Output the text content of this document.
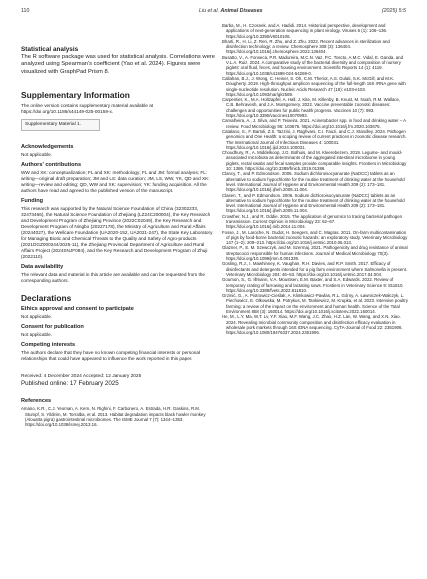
110	Liu et al. Animal Diseases	(2025) 5:5
Statistical analysis

The R software package was used for statistical analysis. Correlations were analyzed using Spearman's coefficient (Yao et al. 2024). Figures were visualized with GraphPad Prism 8.

Supplementary Information

The online version contains supplementary material available at https://doi.org/10.1186/s44149-025-00159-x.

Supplementary Material 1.
Acknowledgements

Not applicable.

Authors' contributions

WW and XK: conceptualization; FL and XK: methodology; FL and JM: formal analysis; FL: writing—original draft preparation; JM and LS: data curation; JM, LS, WW, YK, QD and XK: writing—review and editing; QD, WW and XK: supervision; YK: funding acquisition. All the authors have read and agreed to the published version of the manuscript.

Funding

This research was supported by the Natural Science Foundation of China (32302233, 32473466), the Natural Science Foundation of Zhejiang (LZ24C200004), the Key Research and Development Program of Zhejiang Province (2022C02049), the Key Research and Development Program of Ningbo (20227178), the Ministry of Agriculture and Rural Affairs (20244027), the Wellcare Foundation (UA2020-152, UA2021-247), the State Key Laboratory for Managing Biotic and Chemical Threats to the Quality and Safety of Agro-products (2021DGZ000244/2025-11), the Zhejiang Provincial Department of Agriculture and Rural Affairs Project (2024SNJF084), and the Key Research and Development Program of Zhuji (2022110).

Data availability

The relevant data and material in this article are available and can be requested from the corresponding authors.

Declarations
Ethics approval and consent to participate

Not applicable.

Consent for publication

Not applicable.

Competing interests

The authors declare that they have no known competing financial interests or personal relationships that could have appeared to influence the work reported in this paper.

Received: 4 December 2024 Accepted: 12 January 2025
Published online: 17 February 2025
References

Amano, K.R., C.J. Yeoman, A. Kern, N. Righini, F. Carbonero, A. Estrada, H.R. Gaskins, R.M. Stumpf, S. Yildirim, M. Torralba, et al. 2013. Habitat degradation impacts black howler monkey (Alouatta pigra) gastrointestinal microbiomes. The ISME Journal 7 (7): 1344–1353. https://doi.org/10.1038/ismej.2013.16.

Barba, M., H. Czosnek, and A. Hadidi. 2014. Historical perspective, development and applications of next-generation sequencing in plant virology. Viruses 6 (1): 106–136. https://doi.org/10.3390/v6010106.

Bharti, R., H. Li, Z. Ren, R. Zhu, and Z. Zhu. 2022. Recent advances in sterilization and disinfection technology: a review. Chemosphere 308 (3): 136404. https://doi.org/10.1016/j.chemosphere.2022.136404.

Busatto, V., A. Fonseca, P.R. Madureira, M.C.N. Vaz, P.C. Toscto, A.M.C. Vidal, E. Ganda, and V.L.A. Ruiz. 2024. A comparative study of the bacterial diversity and composition of nursery piglets' oral fluid, feces, and housing environment. Scientific Reports 14 (1): 4119. https://doi.org/10.1038/s41598-024-54269-0.

Callahan, B.J., J. Wong, C. Heiner, S. Oh, C.M. Theriot, A.S. Gulati, S.K. McGill, and M.K. Dougherty. 2019. High-throughput amplicon sequencing of the full-length 16S rRNA gene with single-nucleotide resolution. Nucleic Acids Research 47 (18): e103-e103. https://doi.org/10.1093/nar/gkz569.

Carpentier, K., M.A. Holtzapfel, A. Hall, J. Kite, M. Killenby, B. Knust, M. Noah, R.M. Wallace, C.B. Behravesh, and J.A. Montgomery. 2022. Vaccine preventable zoonotic diseases: challenges and opportunities for public health progress. Vaccines 10 (7): 993. https://doi.org/10.3390/vaccines10070993.

Carvalheira, A., J. Silva, and P. Teixeira. 2021. Acinetobacter spp. in food and drinking water – A review. Food Microbiology 95: 103675. https://doi.org/10.1016/j.fm.2020.103675.

Catalano, S., F. Bartoli, Z.S. Tazzini, J. Raghvani, C.I. Fauzi, and C.J. Standley. 2024. Pathogen genomics and One Health: a scoping review of current practices in zoonotic disease research. The International Journal of Infectious Diseases 4: 100031. https://doi.org/10.1016/j.ijid.2024.100031.

Choudhury, R., A. Middelkoop, J.G. Bolhuis, and M. Kleerebezem. 2019. Legume- and mould-associated microbiota as determinants of the aggregated intestinal microbiome in young piglets, rectal swabs and fecal samples provide comparable insights. Frontiers in Microbiology 10: 1386. https://doi.org/10.3389/fmicb.2019.01386.

Clancy, T., and P. Edmondson. 2006. Sodium dichloroisocyanurate (NaDCC) tablets as an alternative to sodium hypochlorite for the routine treatment of drinking water at the household level. International Journal of Hygiene and Environmental Health 209 (2): 173–181. https://doi.org/10.1016/j.ijheh.2005.11.004.

Clasen, T., and P. Edmondson. 2006. Sodium dichloroisocyanurate (NaDCC) tablets as an alternative to sodium hypochlorite for the routine treatment of drinking water at the household level. International Journal of Hygiene and Environmental Health 209 (2): 173–181. https://doi.org/10.1016/j.ijheh.2005.11.004.

Crowther, N.J., and R. Oddie. 2015. The application of genomics to tracing bacterial pathogen transmission. Current Opinion in Microbiology 23: 62–67. https://doi.org/10.1016/j.mib.2014.11.004.

Fosse, J., M. Laroche, N. Oudot, H. Seegers, and C. Magras. 2011. On-farm multicontamination of pigs by food-borne bacterial zoonotic hazards: an exploratory study. Veterinary Microbiology 147 (1–2): 209–213. https://doi.org/10.1016/j.vetmic.2010.06.013.

Glazner, P., E. M. Szewczyk, and M. Szermaj. 2021. Pathogenicity and drug resistance of animal streptococci responsible for human infections. Journal of Medical Microbiology 70(3). https://doi.org/10.1099/jmm.0.001339.

Gosling, R.J., I. Mawhinney, K. Vaughan, R.H. Davies, and R.P. Smith. 2017. Efficacy of disinfectants and detergents intended for a pig farm environment where Salmonella is present. Veterinary Microbiology 204: 46–53. https://doi.org/10.1016/j.vetmic.2017.04.004.

Goumon, S., G. Illmann, V.A. Moustsen, E.M. Baxter, and S.A. Edwards. 2022. Review of temporary crating of farrowing and lactating sows. Frontiers in Veterinary Science 9: 811810. https://doi.org/10.3389/fvets.2022.811810.

Grzinić, G., A. Piotrowicz-Cieślak, A. Klimkowicz-Pawlas, R.L. Górny, A. Ławniczek-Wałczyk, L. Piechowicz, E. Olkowska, M. Potrykus, M. Tankiewicz, M. Krupka, et al. 2023. Intensive poultry farming: a review of the impact on the environment and human health. Science of the Total Environment 858 (3): 160014. https://doi.org/10.1016/j.scitotenv.2022.160014.

He, M., L.Y. Ma, W.T. Lv, Y.F. Xiao, M.F. Wang, J.C. Zhao, H.Z. Lan, W. Wang, and X.N. Xiao. 2024. Revealing microbial community composition and disinfection efficacy evaluation in wholesale pork markets through 16S rDNA sequencing. CyTA-Journal of Food 22: 2351906. https://doi.org/10.1080/19476337.2024.2351906.
